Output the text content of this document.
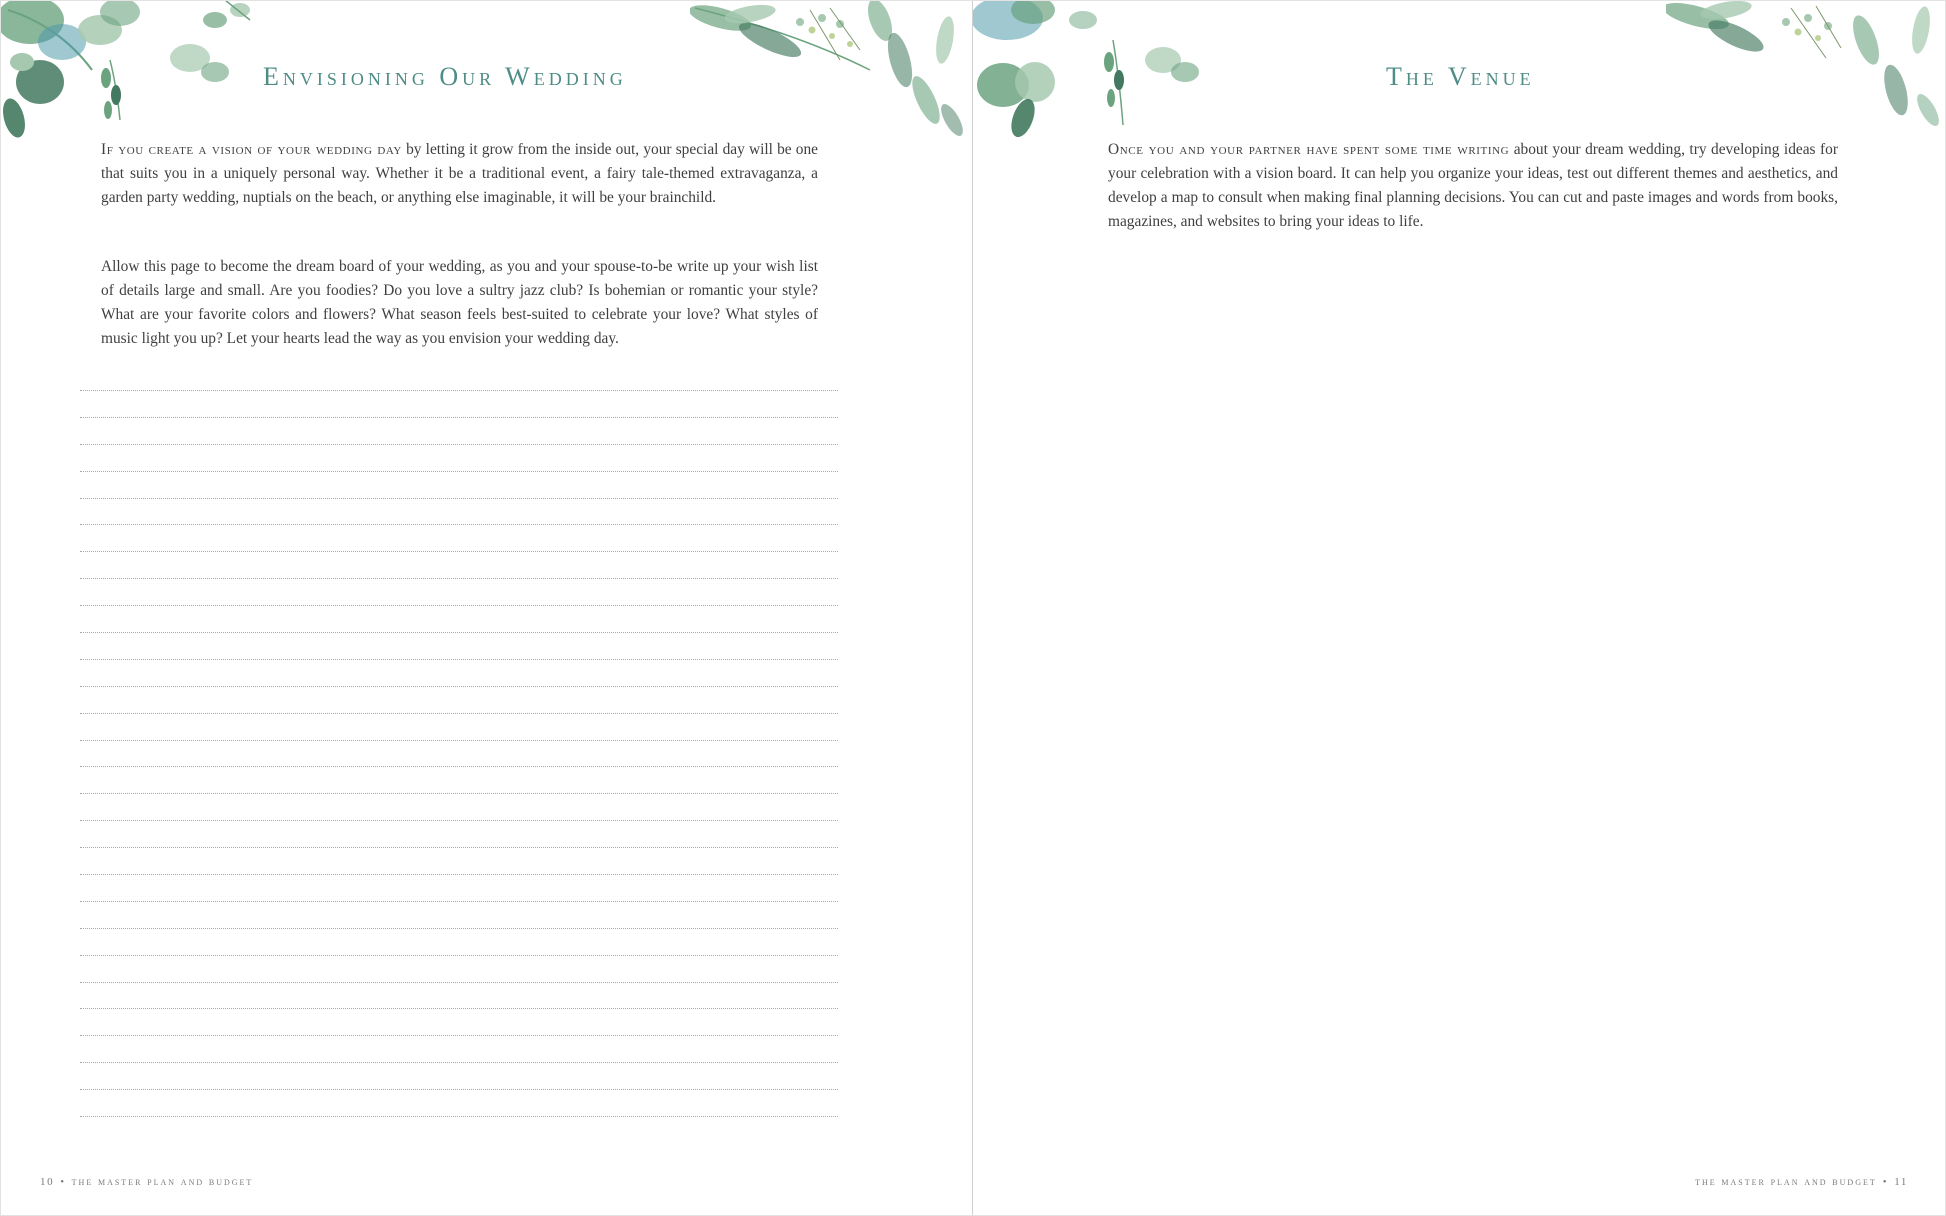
Envisioning Our Wedding

If you create a vision of your wedding day by letting it grow from the inside out, your special day will be one that suits you in a uniquely personal way. Whether it be a traditional event, a fairy tale-themed extravaganza, a garden party wedding, nuptials on the beach, or anything else imaginable, it will be your brainchild.

Allow this page to become the dream board of your wedding, as you and your spouse-to-be write up your wish list of details large and small. Are you foodies? Do you love a sultry jazz club? Is bohemian or romantic your style? What are your favorite colors and flowers? What season feels best-suited to celebrate your love? What styles of music light you up? Let your hearts lead the way as you envision your wedding day.

10 • the master plan and budget
The Venue

Once you and your partner have spent some time writing about your dream wedding, try developing ideas for your celebration with a vision board. It can help you organize your ideas, test out different themes and aesthetics, and develop a map to consult when making final planning decisions. You can cut and paste images and words from books, magazines, and websites to bring your ideas to life.

the master plan and budget • 11
